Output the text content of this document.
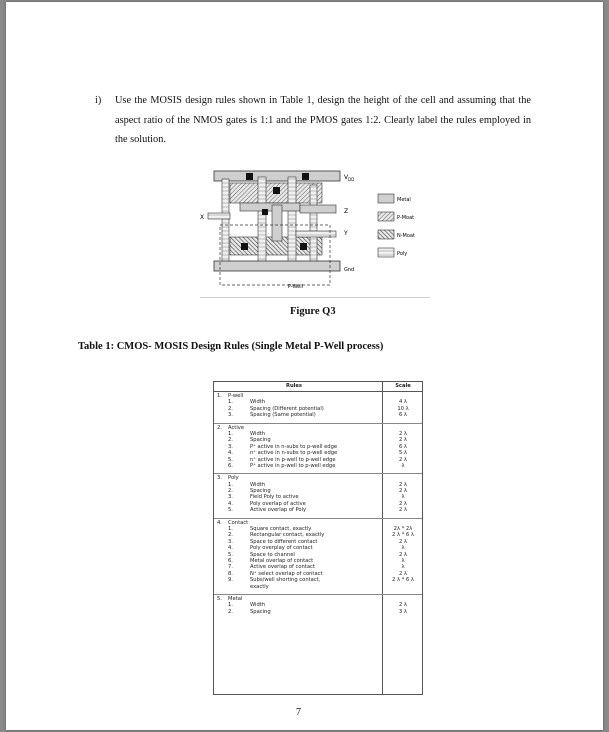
i)	Use the MOSIS design rules shown in Table 1, design the height of the cell and assuming that the aspect ratio of the NMOS gates is 1:1 and the PMOS gates 1:2. Clearly label the rules employed in the solution.
$V_{DD}$
X
Z
Y
Gnd
P-Well
Metal
P-Moat
N-Moat
Poly
Figure Q3
Table 1: CMOS- MOSIS Design Rules (Single Metal P-Well process)
Rules	Scale
1. P-well
1.	Width	4 λ
2.	Spacing (Different potential)	10 λ
3.	Spacing (Same potential)	6 λ
2. Active
1.	Width	2 λ
2.	Spacing	2 λ
3.	P⁺ active in n-subs to p-well edge	6 λ
4.	n⁺ active in n-subs to p-well edge	5 λ
5.	n⁺ active in p-well to p-well edge	2 λ
6.	P⁺ active in p-well to p-well edge	λ
3. Poly
1.	Width	2 λ
2.	Spacing	2 λ
3.	Field Poly to active	λ
4.	Poly overlap of active	2 λ
5.	Active overlap of Poly	2 λ
4. Contact
1.	Square contact, exactly	2λ * 2λ
2.	Rectangular contact, exactly	2 λ * 6 λ
3.	Space to different contact	2 λ
4.	Poly overplay of contact	λ
5.	Space to channel	2 λ
6.	Metal overlap of contact	λ
7.	Active overlap of contact	λ
8.	N⁺ select overlap of contact	2 λ
9.	Subs/well shorting contact,	2 λ * 6 λ
exactly
5. Metal
1.	Width	2 λ
2.	Spacing	3 λ
7
